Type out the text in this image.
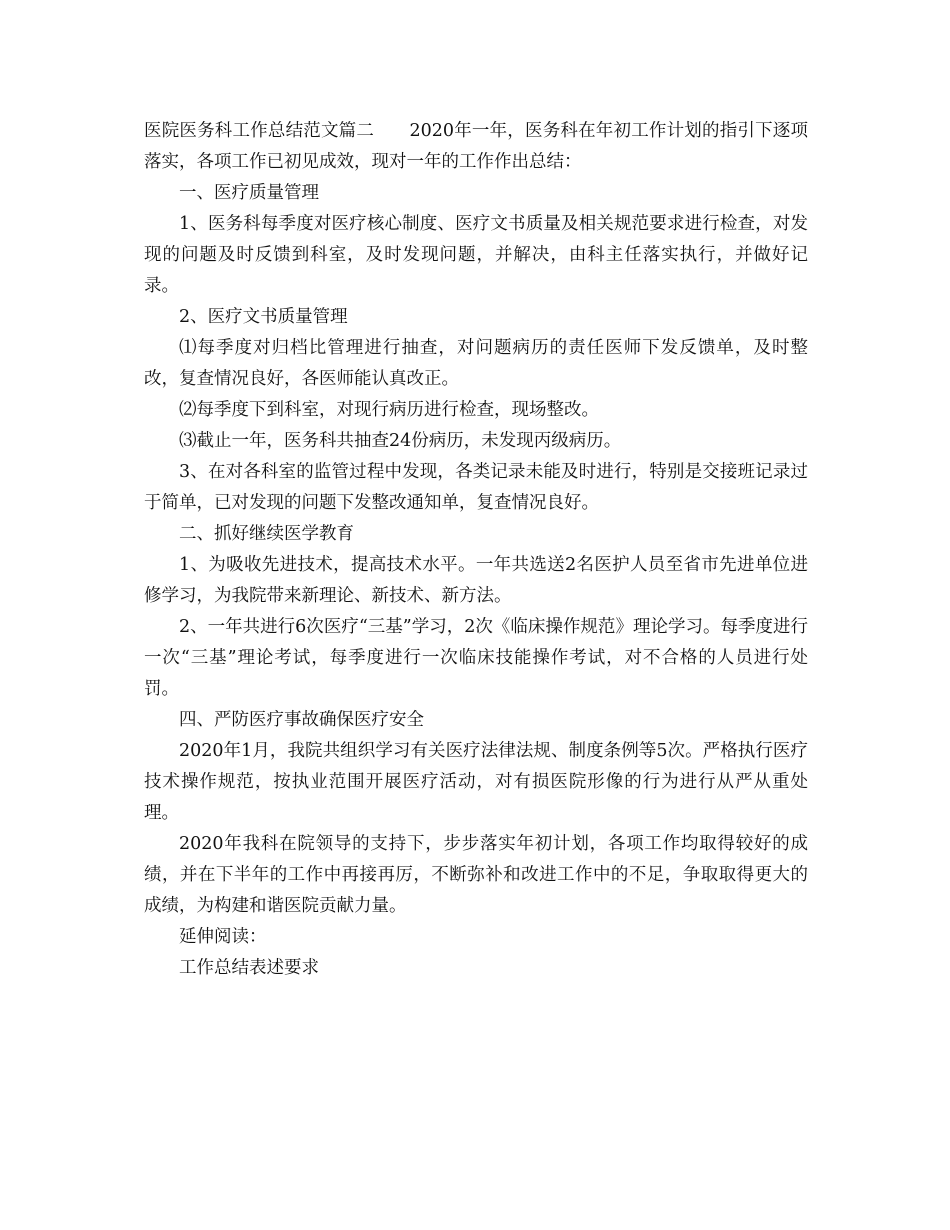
医院医务科工作总结范文篇二　　2020年一年，医务科在年初工作计划的指引下逐项落实，各项工作已初见成效，现对一年的工作作出总结：

一、医疗质量管理

1、医务科每季度对医疗核心制度、医疗文书质量及相关规范要求进行检查，对发现的问题及时反馈到科室，及时发现问题，并解决，由科主任落实执行，并做好记录。

2、医疗文书质量管理

⑴每季度对归档比管理进行抽查，对问题病历的责任医师下发反馈单，及时整改，复查情况良好，各医师能认真改正。

⑵每季度下到科室，对现行病历进行检查，现场整改。

⑶截止一年，医务科共抽查24份病历，未发现丙级病历。

3、在对各科室的监管过程中发现，各类记录未能及时进行，特别是交接班记录过于简单，已对发现的问题下发整改通知单，复查情况良好。

二、抓好继续医学教育

1、为吸收先进技术，提高技术水平。一年共选送2名医护人员至省市先进单位进修学习，为我院带来新理论、新技术、新方法。

2、一年共进行6次医疗“三基”学习，2次《临床操作规范》理论学习。每季度进行一次“三基”理论考试，每季度进行一次临床技能操作考试，对不合格的人员进行处罚。

四、严防医疗事故确保医疗安全

2020年1月，我院共组织学习有关医疗法律法规、制度条例等5次。严格执行医疗技术操作规范，按执业范围开展医疗活动，对有损医院形像的行为进行从严从重处理。

2020年我科在院领导的支持下，步步落实年初计划，各项工作均取得较好的成绩，并在下半年的工作中再接再厉，不断弥补和改进工作中的不足，争取取得更大的成绩，为构建和谐医院贡献力量。

延伸阅读：

工作总结表述要求
